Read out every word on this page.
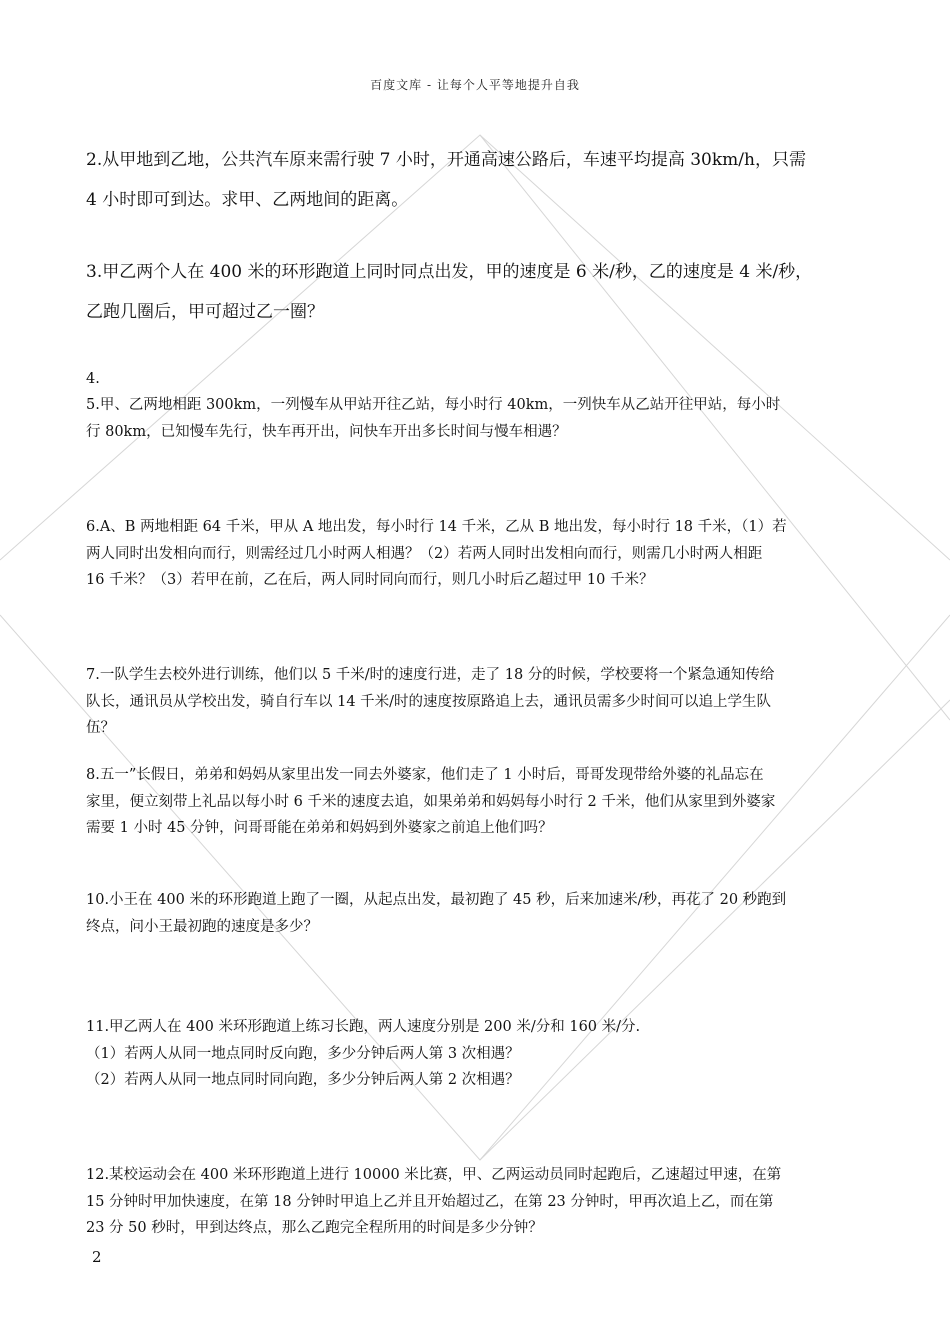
百度文库 - 让每个人平等地提升自我
2.从甲地到乙地，公共汽车原来需行驶 7 小时，开通高速公路后，车速平均提高 30km/h，只需
4 小时即可到达。求甲、乙两地间的距离。
3.甲乙两个人在 400 米的环形跑道上同时同点出发，甲的速度是 6 米/秒，乙的速度是 4 米/秒，
乙跑几圈后，甲可超过乙一圈？
4.
5.甲、乙两地相距 300km，一列慢车从甲站开往乙站，每小时行 40km，一列快车从乙站开往甲站，每小时
行 80km，已知慢车先行，快车再开出，问快车开出多长时间与慢车相遇？
6.A、B 两地相距 64 千米，甲从 A 地出发，每小时行 14 千米，乙从 B 地出发，每小时行 18 千米，（1）若
两人同时出发相向而行，则需经过几小时两人相遇？（2）若两人同时出发相向而行，则需几小时两人相距
16 千米？（3）若甲在前，乙在后，两人同时同向而行，则几小时后乙超过甲 10 千米？
7.一队学生去校外进行训练，他们以 5 千米/时的速度行进，走了 18 分的时候，学校要将一个紧急通知传给
队长，通讯员从学校出发，骑自行车以 14 千米/时的速度按原路追上去，通讯员需多少时间可以追上学生队
伍？
8.五一”长假日，弟弟和妈妈从家里出发一同去外婆家，他们走了 1 小时后，哥哥发现带给外婆的礼品忘在
家里，便立刻带上礼品以每小时 6 千米的速度去追，如果弟弟和妈妈每小时行 2 千米，他们从家里到外婆家
需要 1 小时 45 分钟，问哥哥能在弟弟和妈妈到外婆家之前追上他们吗？
10.小王在 400 米的环形跑道上跑了一圈，从起点出发，最初跑了 45 秒，后来加速米/秒，再花了 20 秒跑到
终点，问小王最初跑的速度是多少？
11.甲乙两人在 400 米环形跑道上练习长跑，两人速度分别是 200 米/分和 160 米/分.
（1）若两人从同一地点同时反向跑，多少分钟后两人第 3 次相遇？
（2）若两人从同一地点同时同向跑，多少分钟后两人第 2 次相遇？
12.某校运动会在 400 米环形跑道上进行 10000 米比赛，甲、乙两运动员同时起跑后，乙速超过甲速，在第
15 分钟时甲加快速度，在第 18 分钟时甲追上乙并且开始超过乙，在第 23 分钟时，甲再次追上乙，而在第
23 分 50 秒时，甲到达终点，那么乙跑完全程所用的时间是多少分钟？
2
